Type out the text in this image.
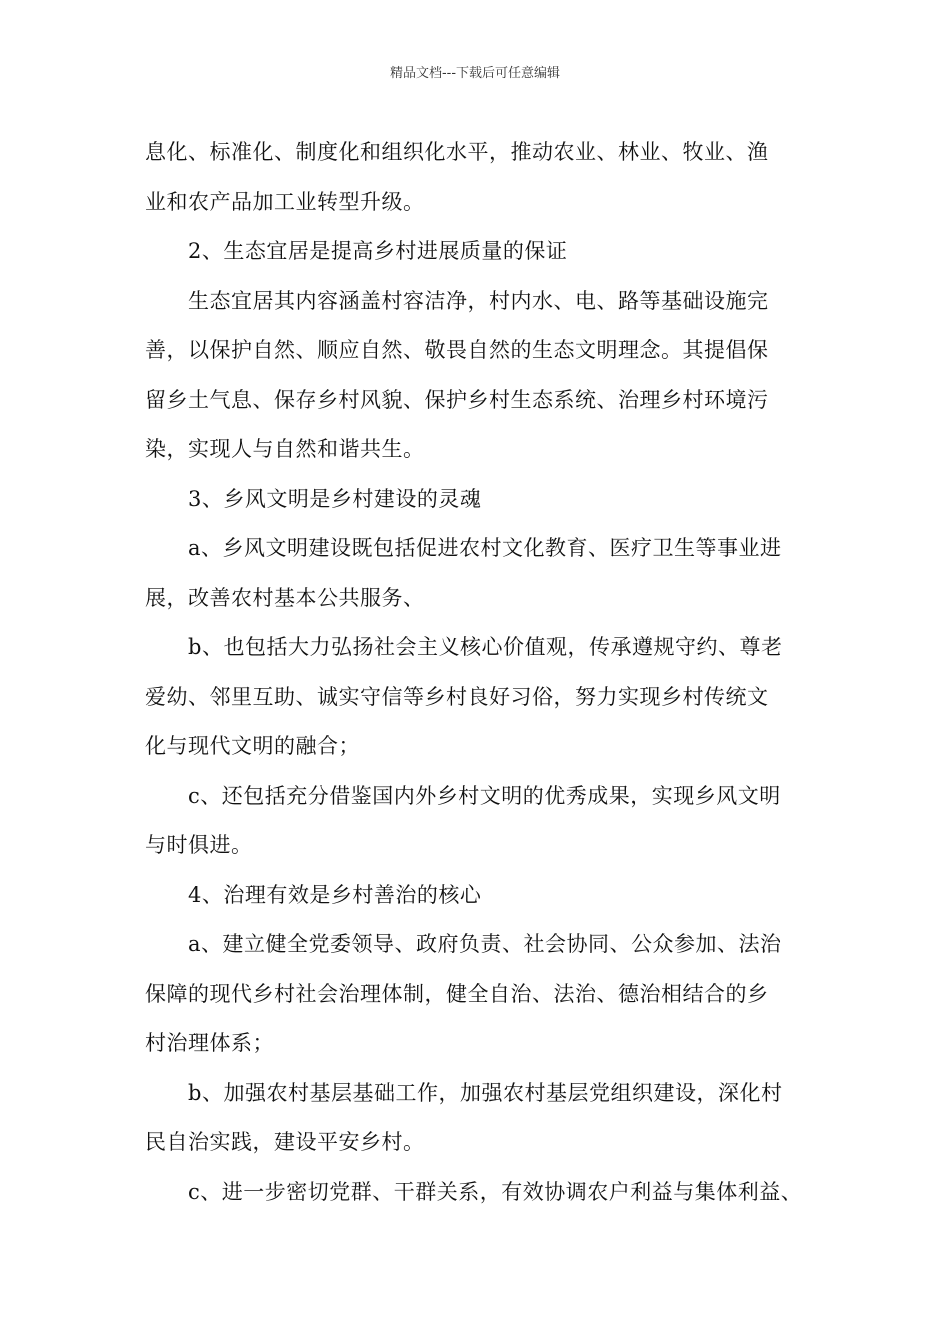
精品文档---下载后可任意编辑
息化、标准化、制度化和组织化水平，推动农业、林业、牧业、渔
业和农产品加工业转型升级。
2、生态宜居是提高乡村进展质量的保证
生态宜居其内容涵盖村容洁净，村内水、电、路等基础设施完
善，以保护自然、顺应自然、敬畏自然的生态文明理念。其提倡保
留乡土气息、保存乡村风貌、保护乡村生态系统、治理乡村环境污
染，实现人与自然和谐共生。
3、乡风文明是乡村建设的灵魂
a、乡风文明建设既包括促进农村文化教育、医疗卫生等事业进
展，改善农村基本公共服务、
b、也包括大力弘扬社会主义核心价值观，传承遵规守约、尊老
爱幼、邻里互助、诚实守信等乡村良好习俗，努力实现乡村传统文
化与现代文明的融合；
c、还包括充分借鉴国内外乡村文明的优秀成果，实现乡风文明
与时俱进。
4、治理有效是乡村善治的核心
a、建立健全党委领导、政府负责、社会协同、公众参加、法治
保障的现代乡村社会治理体制，健全自治、法治、德治相结合的乡
村治理体系；
b、加强农村基层基础工作，加强农村基层党组织建设，深化村
民自治实践，建设平安乡村。
c、进一步密切党群、干群关系，有效协调农户利益与集体利益、
